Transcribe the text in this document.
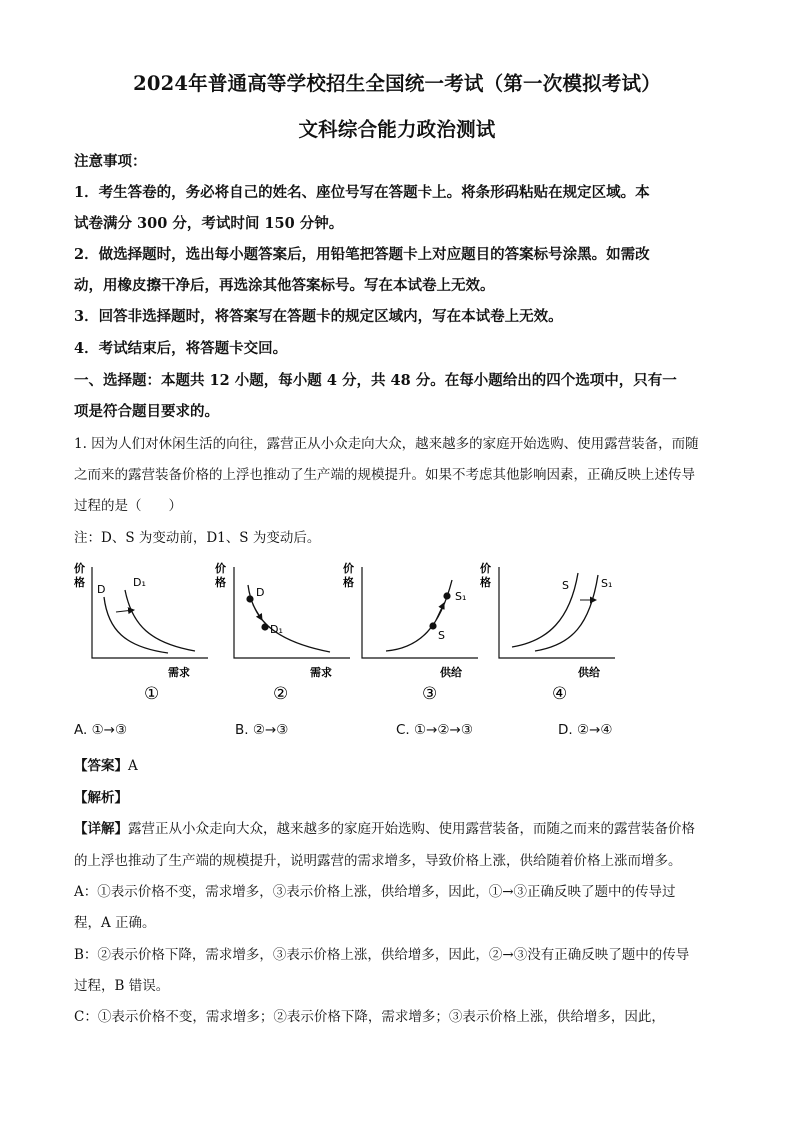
2024年普通高等学校招生全国统一考试（第一次模拟考试）
文科综合能力政治测试
注意事项：
1．考生答卷的，务必将自己的姓名、座位号写在答题卡上。将条形码粘贴在规定区域。本
试卷满分 300 分，考试时间 150 分钟。
2．做选择题时，选出每小题答案后，用铅笔把答题卡上对应题目的答案标号涂黑。如需改
动，用橡皮擦干净后，再选涂其他答案标号。写在本试卷上无效。
3．回答非选择题时，将答案写在答题卡的规定区域内，写在本试卷上无效。
4．考试结束后，将答题卡交回。
一、选择题：本题共 12 小题，每小题 4 分，共 48 分。在每小题给出的四个选项中，只有一
项是符合题目要求的。
1. 因为人们对休闲生活的向往，露营正从小众走向大众，越来越多的家庭开始选购、使用露营装备，而随
之而来的露营装备价格的上浮也推动了生产端的规模提升。如果不考虑其他影响因素，正确反映上述传导
过程的是（　　）
注：D、S 为变动前，D1、S 为变动后。
价
格
D
D₁
需求
①
价
格
D
D₁
需求
②
价
格
S₁
S
供给
③
价
格	S	S₁
供给
④
A. ①→③	B. ②→③	C. ①→②→③	D. ②→④
【答案】A
【解析】
【详解】露营正从小众走向大众，越来越多的家庭开始选购、使用露营装备，而随之而来的露营装备价格
的上浮也推动了生产端的规模提升，说明露营的需求增多，导致价格上涨，供给随着价格上涨而增多。
A：①表示价格不变，需求增多，③表示价格上涨，供给增多，因此，①→③正确反映了题中的传导过
程，A 正确。
B：②表示价格下降，需求增多，③表示价格上涨，供给增多，因此，②→③没有正确反映了题中的传导
过程，B 错误。
C：①表示价格不变，需求增多；②表示价格下降，需求增多；③表示价格上涨，供给增多，因此，
